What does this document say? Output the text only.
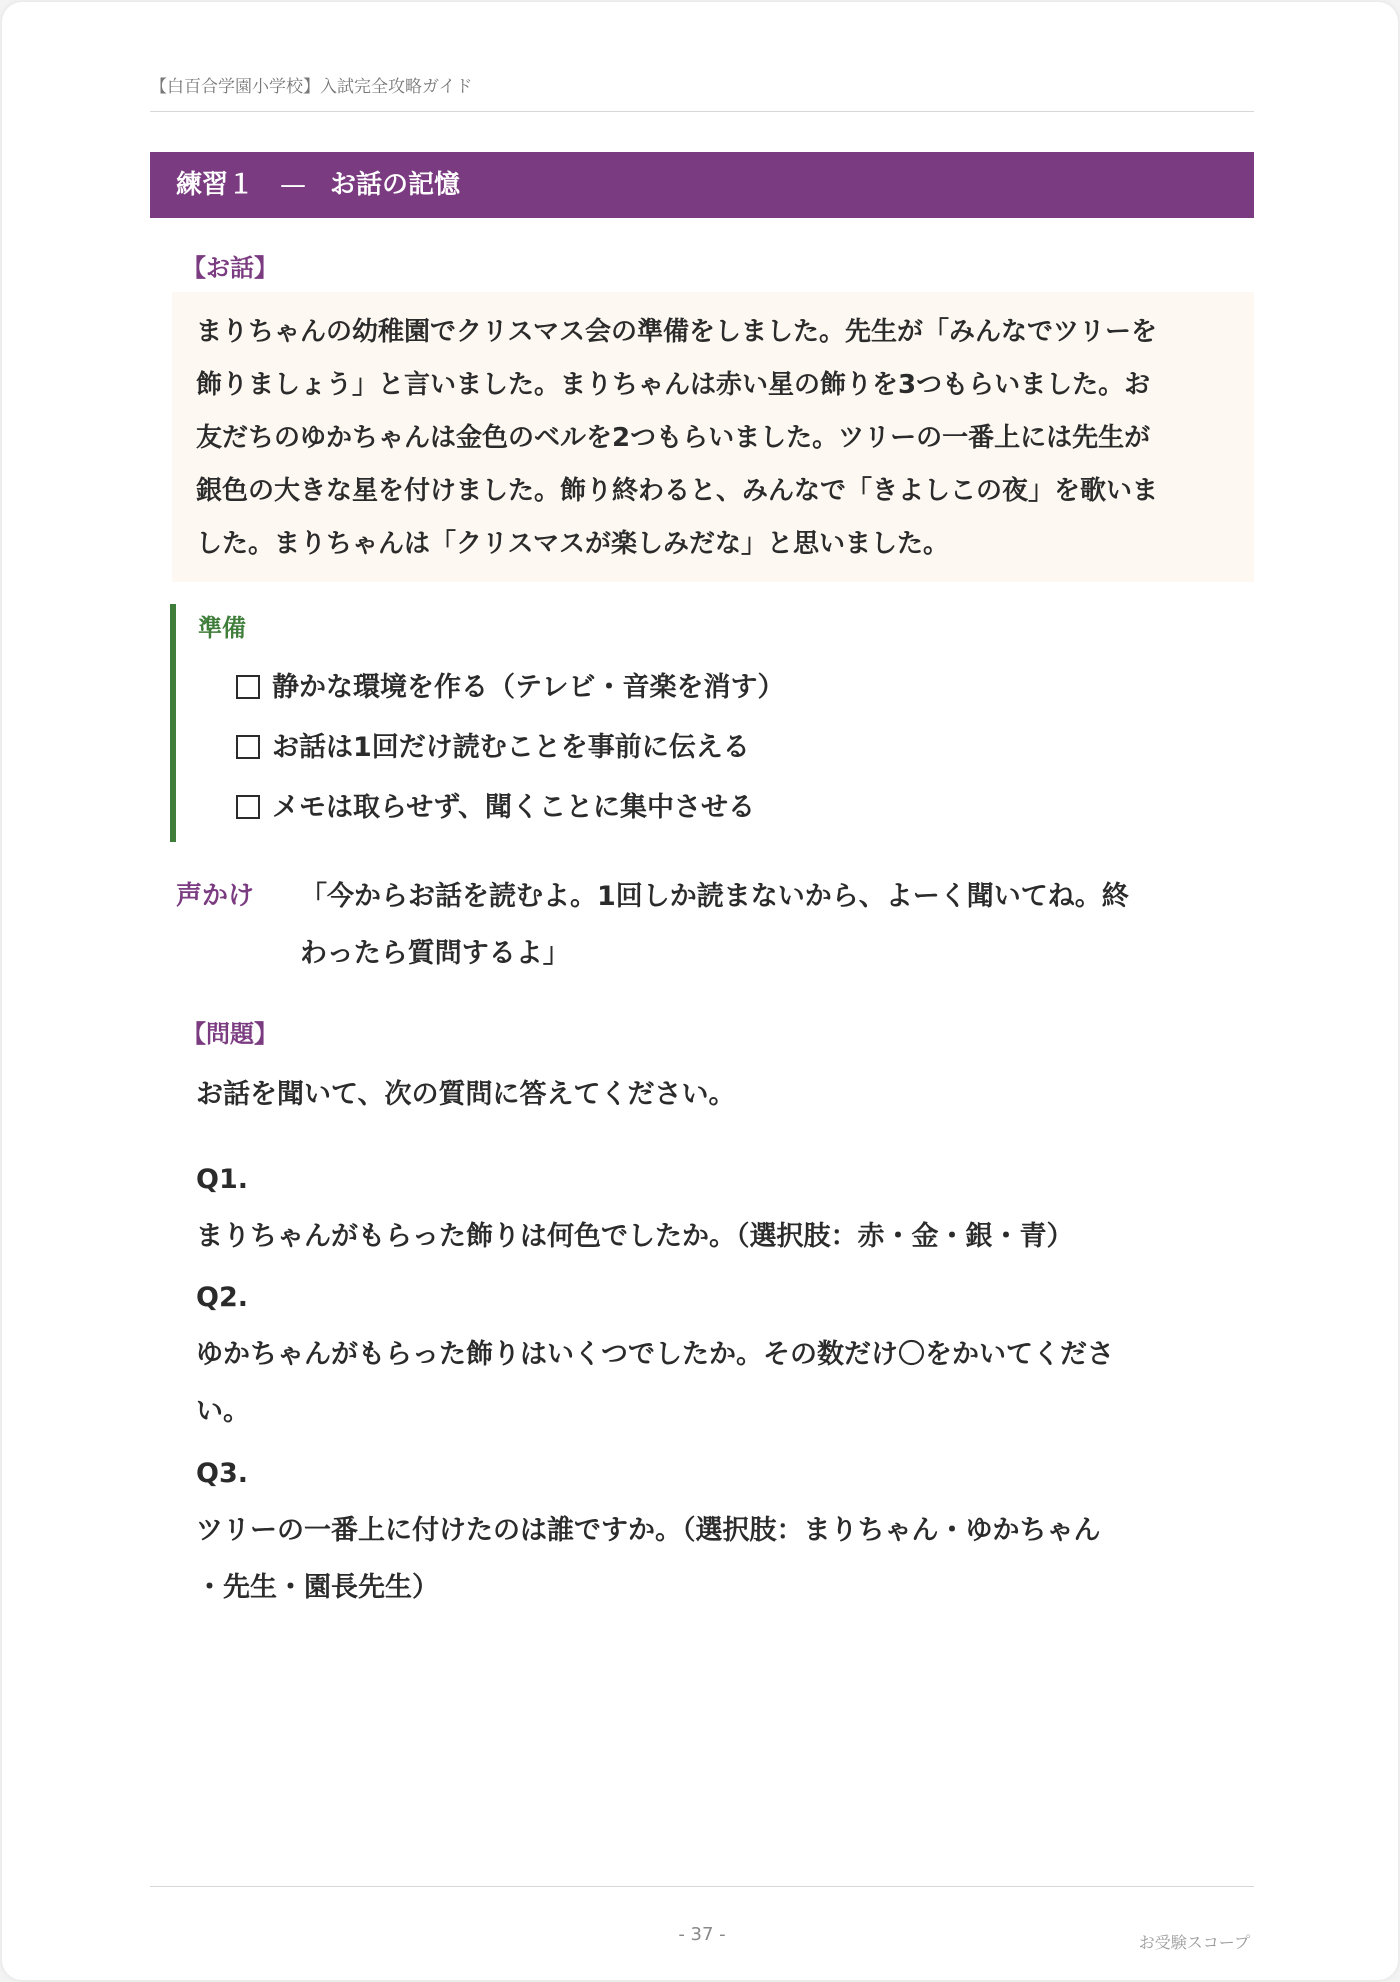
【白百合学園小学校】入試完全攻略ガイド
練習１ — お話の記憶
【お話】
まりちゃんの幼稚園でクリスマス会の準備をしました。先生が「みんなでツリーを
飾りましょう」と言いました。まりちゃんは赤い星の飾りを3つもらいました。お
友だちのゆかちゃんは金色のベルを2つもらいました。ツリーの一番上には先生が
銀色の大きな星を付けました。飾り終わると、みんなで「きよしこの夜」を歌いま
した。まりちゃんは「クリスマスが楽しみだな」と思いました。
準備
静かな環境を作る（テレビ・音楽を消す）
お話は1回だけ読むことを事前に伝える
メモは取らせず、聞くことに集中させる
声かけ 「今からお話を読むよ。1回しか読まないから、よーく聞いてね。終
わったら質問するよ」
【問題】
お話を聞いて、次の質問に答えてください。
Q1.
まりちゃんがもらった飾りは何色でしたか。（選択肢：赤・金・銀・青）
Q2.
ゆかちゃんがもらった飾りはいくつでしたか。その数だけ〇をかいてくださ
い。
Q3.
ツリーの一番上に付けたのは誰ですか。（選択肢：まりちゃん・ゆかちゃん
・先生・園長先生）
- 37 -	お受験スコープ
